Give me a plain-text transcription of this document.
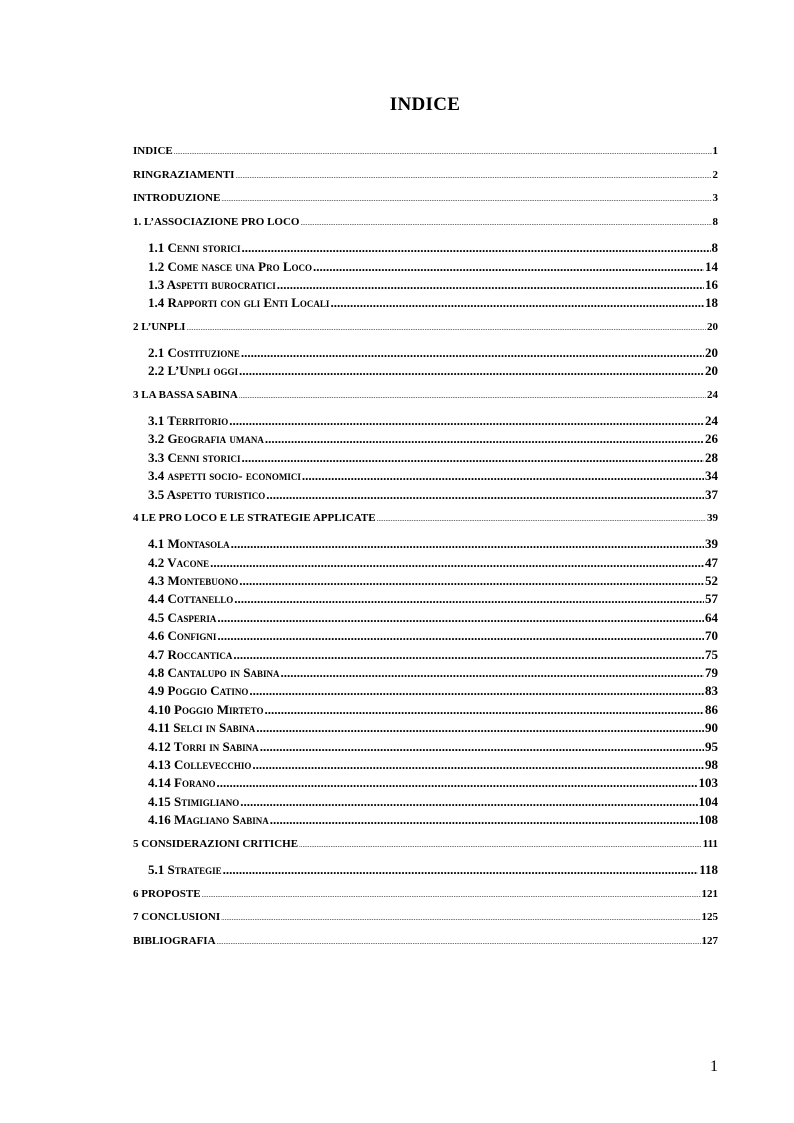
INDICE
INDICE .....	1
RINGRAZIAMENTI .....	2
INTRODUZIONE .....	3
1. L’ASSOCIAZIONE PRO LOCO .....	8
1.1 Cenni storici .....	8
1.2 Come nasce una Pro Loco .....	14
1.3 Aspetti burocratici .....	16
1.4 Rapporti con gli Enti Locali .....	18
2 L’UNPLI .....	20
2.1 Costituzione .....	20
2.2 L’Unpli oggi .....	20
3 LA BASSA SABINA .....	24
3.1 Territorio .....	24
3.2 Geografia umana .....	26
3.3 Cenni storici .....	28
3.4 aspetti socio- economici .....	34
3.5 Aspetto turistico .....	37
4 LE PRO LOCO E LE STRATEGIE APPLICATE .....	39
4.1 Montasola .....	39
4.2 Vacone .....	47
4.3 Montebuono .....	52
4.4 Cottanello .....	57
4.5 Casperia .....	64
4.6 Configni .....	70
4.7 Roccantica .....	75
4.8 Cantalupo in Sabina .....	79
4.9 Poggio Catino .....	83
4.10 Poggio Mirteto .....	86
4.11 Selci in Sabina .....	90
4.12 Torri in Sabina .....	95
4.13 Collevecchio .....	98
4.14 Forano .....	103
4.15 Stimigliano .....	104
4.16 Magliano Sabina .....	108
5 CONSIDERAZIONI CRITICHE .....	111
5.1 Strategie .....	118
6 PROPOSTE .....	121
7 CONCLUSIONI .....	125
BIBLIOGRAFIA .....	127
1
